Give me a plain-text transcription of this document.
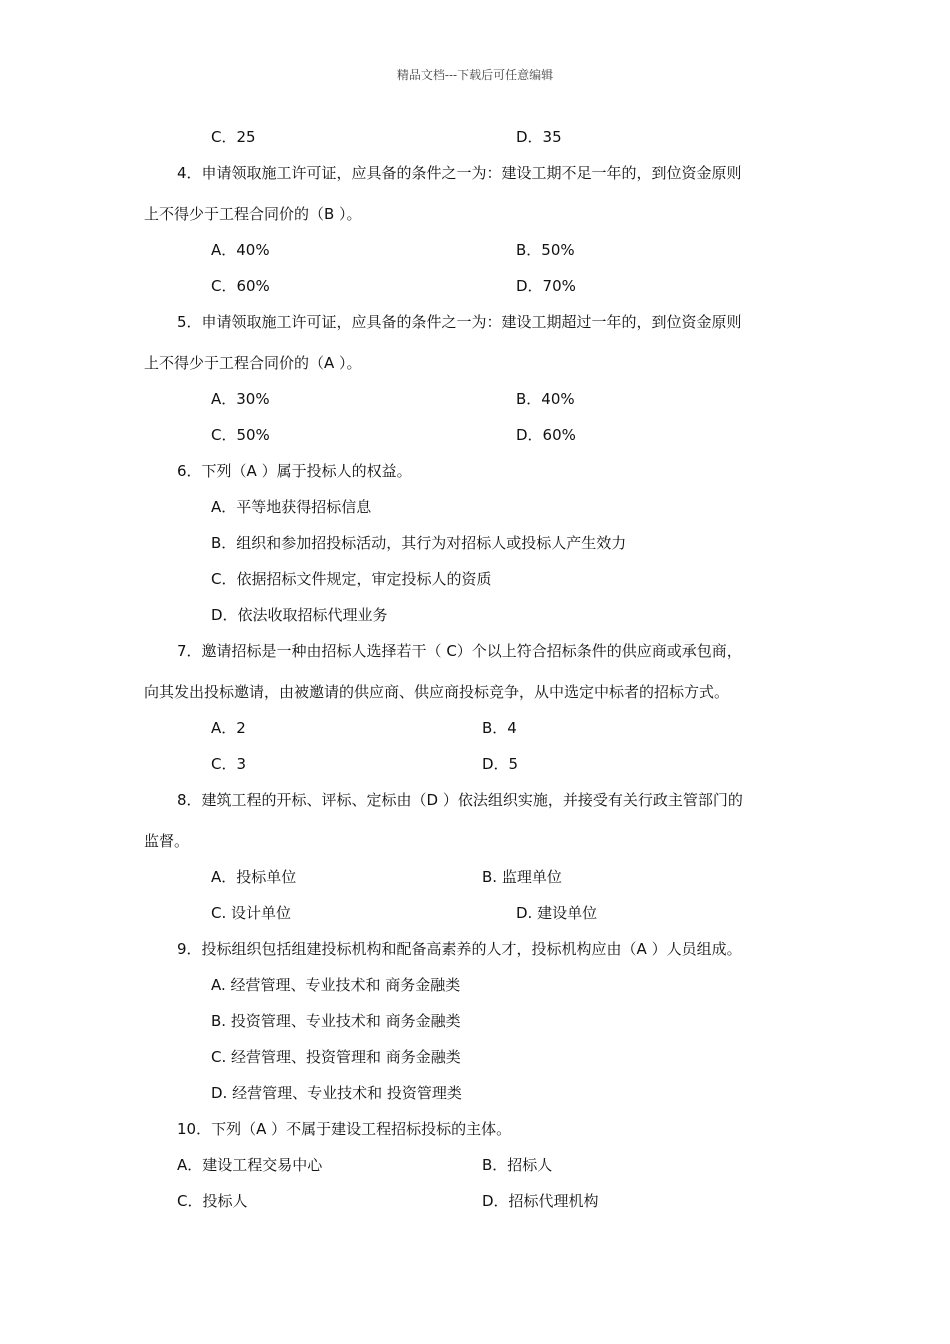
精品文档---下载后可任意编辑
C．25	D．35
4．申请领取施工许可证，应具备的条件之一为：建设工期不足一年的，到位资金原则
上不得少于工程合同价的（B ）。
A．40%	B．50%
C．60%	D．70%
5．申请领取施工许可证，应具备的条件之一为：建设工期超过一年的，到位资金原则
上不得少于工程合同价的（A ）。
A．30%	B．40%
C．50%	D．60%
6．下列（A ）属于投标人的权益。
A．平等地获得招标信息
B．组织和参加招投标活动，其行为对招标人或投标人产生效力
C．依据招标文件规定，审定投标人的资质
D．依法收取招标代理业务
7．邀请招标是一种由招标人选择若干（ C）个以上符合招标条件的供应商或承包商，
向其发出投标邀请，由被邀请的供应商、供应商投标竞争，从中选定中标者的招标方式。
A．2	B．4
C．3	D．5
8．建筑工程的开标、评标、定标由（D ）依法组织实施，并接受有关行政主管部门的
监督。
A．投标单位	B. 监理单位
C. 设计单位	D. 建设单位
9．投标组织包括组建投标机构和配备高素养的人才，投标机构应由（A ）人员组成。
A. 经营管理、专业技术和 商务金融类
B. 投资管理、专业技术和 商务金融类
C. 经营管理、投资管理和 商务金融类
D. 经营管理、专业技术和 投资管理类
10．下列（A ）不属于建设工程招标投标的主体。
A．建设工程交易中心	B．招标人
C．投标人	D．招标代理机构
